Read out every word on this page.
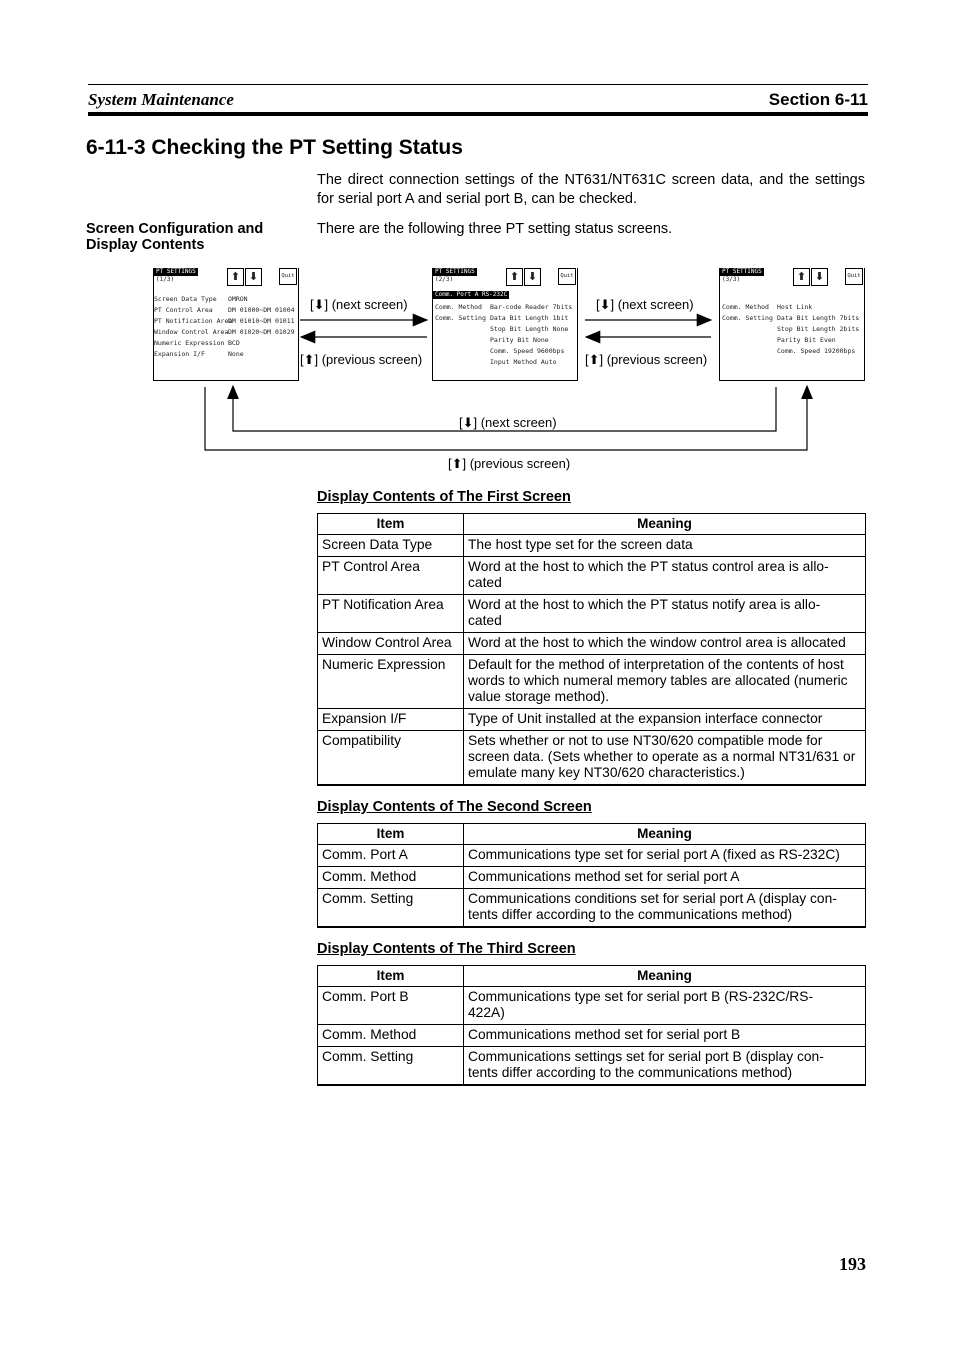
System Maintenance	Section 6-11
6-11-3 Checking the PT Setting Status
The direct connection settings of the NT631/NT631C screen data, and the settings for serial port A and serial port B, can be checked.
Screen Configuration and Display Contents
There are the following three PT setting status screens.
PT SETTINGS
(1/3)	⬆ ⬇	Quit
Screen Data Type OMRON
PT Control Area DM 01000~DM 01004
PT Notification Area
DM 01010~DM 01011
Window Control Area DM 01020~DM 01029
Numeric Expression BCD
Expansion I/F	None
PT SETTINGS
(2/3)	⬆ ⬇	Quit
Comm. Port A RS-232C
Comm. Method Bar-code Reader 7bits
Comm. Setting Data Bit Length 1bit
Stop Bit Length None
Parity Bit None
Comm. Speed 9600bps
Input Method Auto
PT SETTINGS
(3/3)	⬆ ⬇	Quit
Comm. Method Host Link
Comm. Setting Data Bit Length 7bits
Stop Bit Length 2bits
Parity Bit Even
Comm. Speed 19200bps
[⬇] (next screen)
[⬆] (previous screen)
[⬇] (next screen)
[⬆] (previous screen)
[⬇] (next screen)
[⬆] (previous screen)
Display Contents of The First Screen
Item	Meaning
Screen Data Type	The host type set for the screen data
PT Control Area	Word at the host to which the PT status control area is allo-
cated
PT Notification Area	Word at the host to which the PT status notify area is allo-
cated
Window Control Area	Word at the host to which the window control area is allocated
Numeric Expression	Default for the method of interpretation of the contents of host words to which numeral memory tables are allocated (numeric value storage method).
Expansion I/F	Type of Unit installed at the expansion interface connector
Compatibility	Sets whether or not to use NT30/620 compatible mode for screen data. (Sets whether to operate as a normal NT31/631 or emulate many key NT30/620 characteristics.)
Display Contents of The Second Screen
Item	Meaning
Comm. Port A	Communications type set for serial port A (fixed as RS-232C)
Comm. Method	Communications method set for serial port A
Comm. Setting	Communications conditions set for serial port A (display con-
tents differ according to the communications method)
Display Contents of The Third Screen
Item	Meaning
Comm. Port B	Communications type set for serial port B (RS-232C/RS-
422A)
Comm. Method	Communications method set for serial port B
Comm. Setting	Communications settings set for serial port B (display con-
tents differ according to the communications method)
193
